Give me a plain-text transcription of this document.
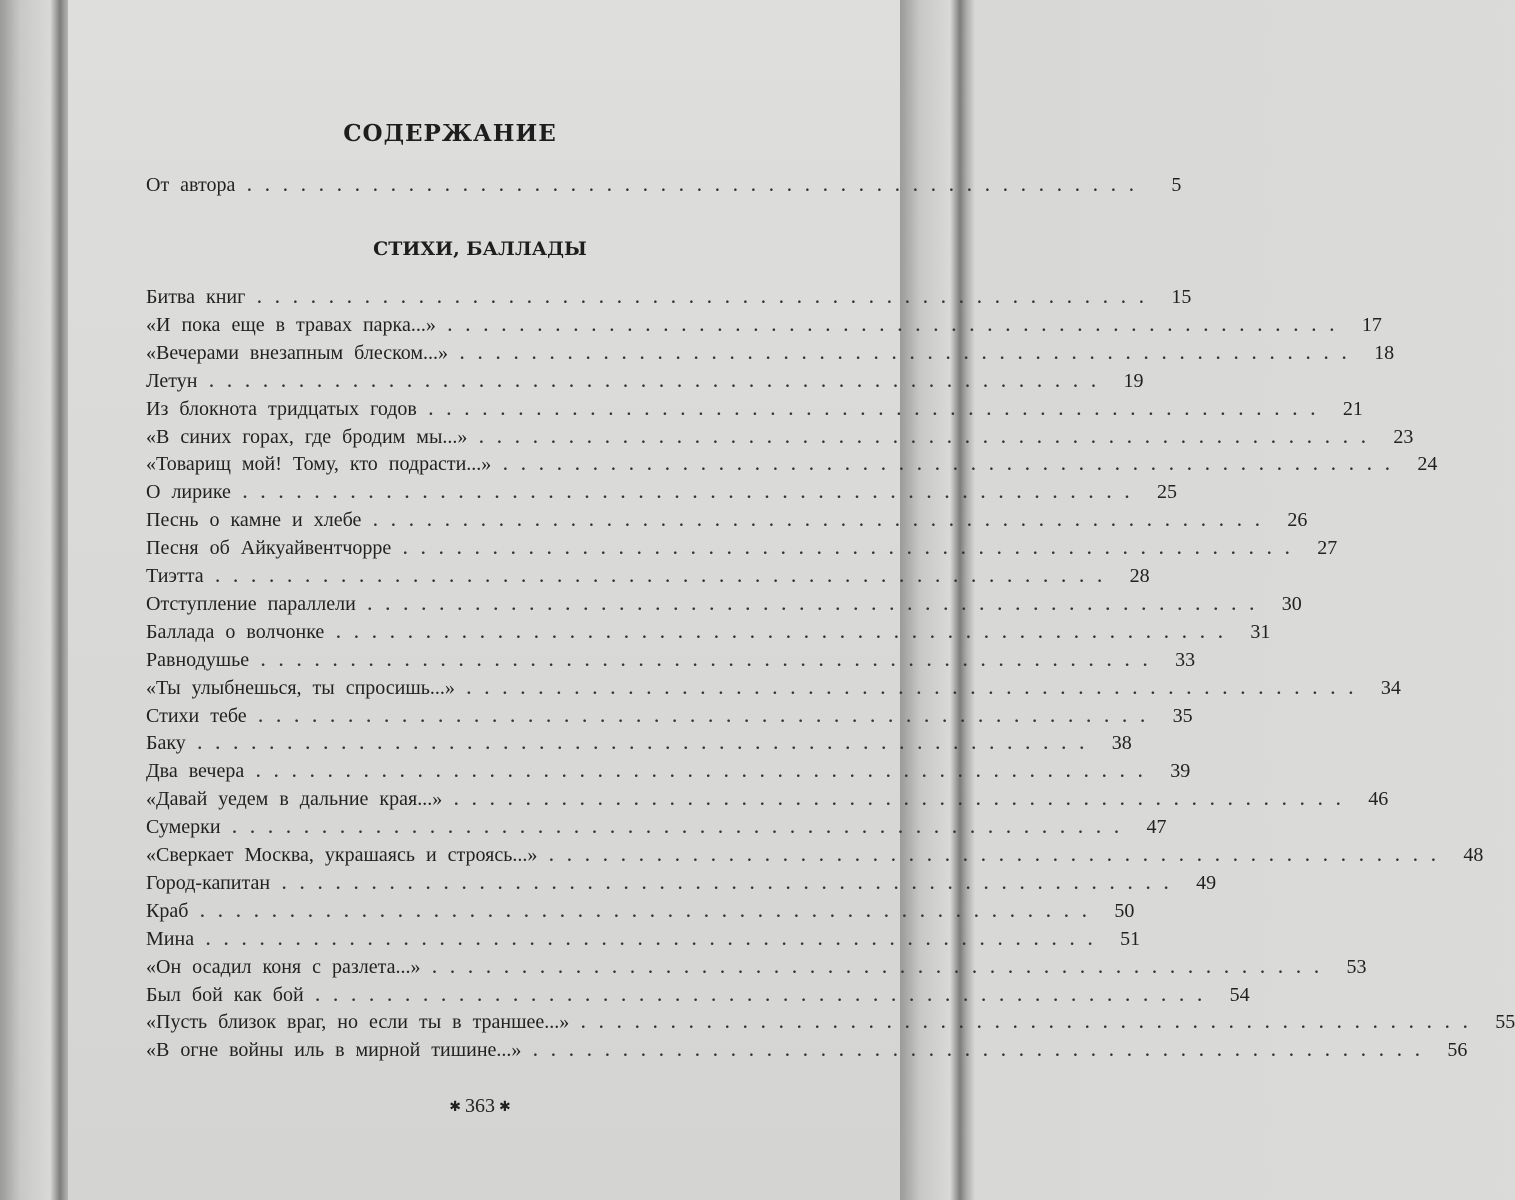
СОДЕРЖАНИЕ
От автора ..................................................	5
СТИХИ, БАЛЛАДЫ
Битва книг .................................................. 15
«И пока еще в травах парка...» .................................................. 17
«Вечерами внезапным блеском...» .................................................. 18
Летун .................................................. 19
Из блокнота тридцатых годов .................................................. 21
«В синих горах, где бродим мы...» .................................................. 23
«Товарищ мой! Тому, кто подрасти...» .................................................. 24
О лирике .................................................. 25
Песнь о камне и хлебе .................................................. 26
Песня об Айкуайвентчорре .................................................. 27
Тиэтта .................................................. 28
Отступление параллели .................................................. 30
Баллада о волчонке .................................................. 31
Равнодушье .................................................. 33
«Ты улыбнешься, ты спросишь...» .................................................. 34
Стихи тебе .................................................. 35
Баку .................................................. 38
Два вечера .................................................. 39
«Давай уедем в дальние края...» .................................................. 46
Сумерки .................................................. 47
«Сверкает Москва, украшаясь и строясь...» .................................................. 48
Город-капитан .................................................. 49
Краб .................................................. 50
Мина .................................................. 51
«Он осадил коня с разлета...» .................................................. 53
Был бой как бой .................................................. 54
«Пусть близок враг, но если ты в траншее...» .................................................. 55
«В огне войны иль в мирной тишине...» .................................................. 56
✱ 363 ✱
